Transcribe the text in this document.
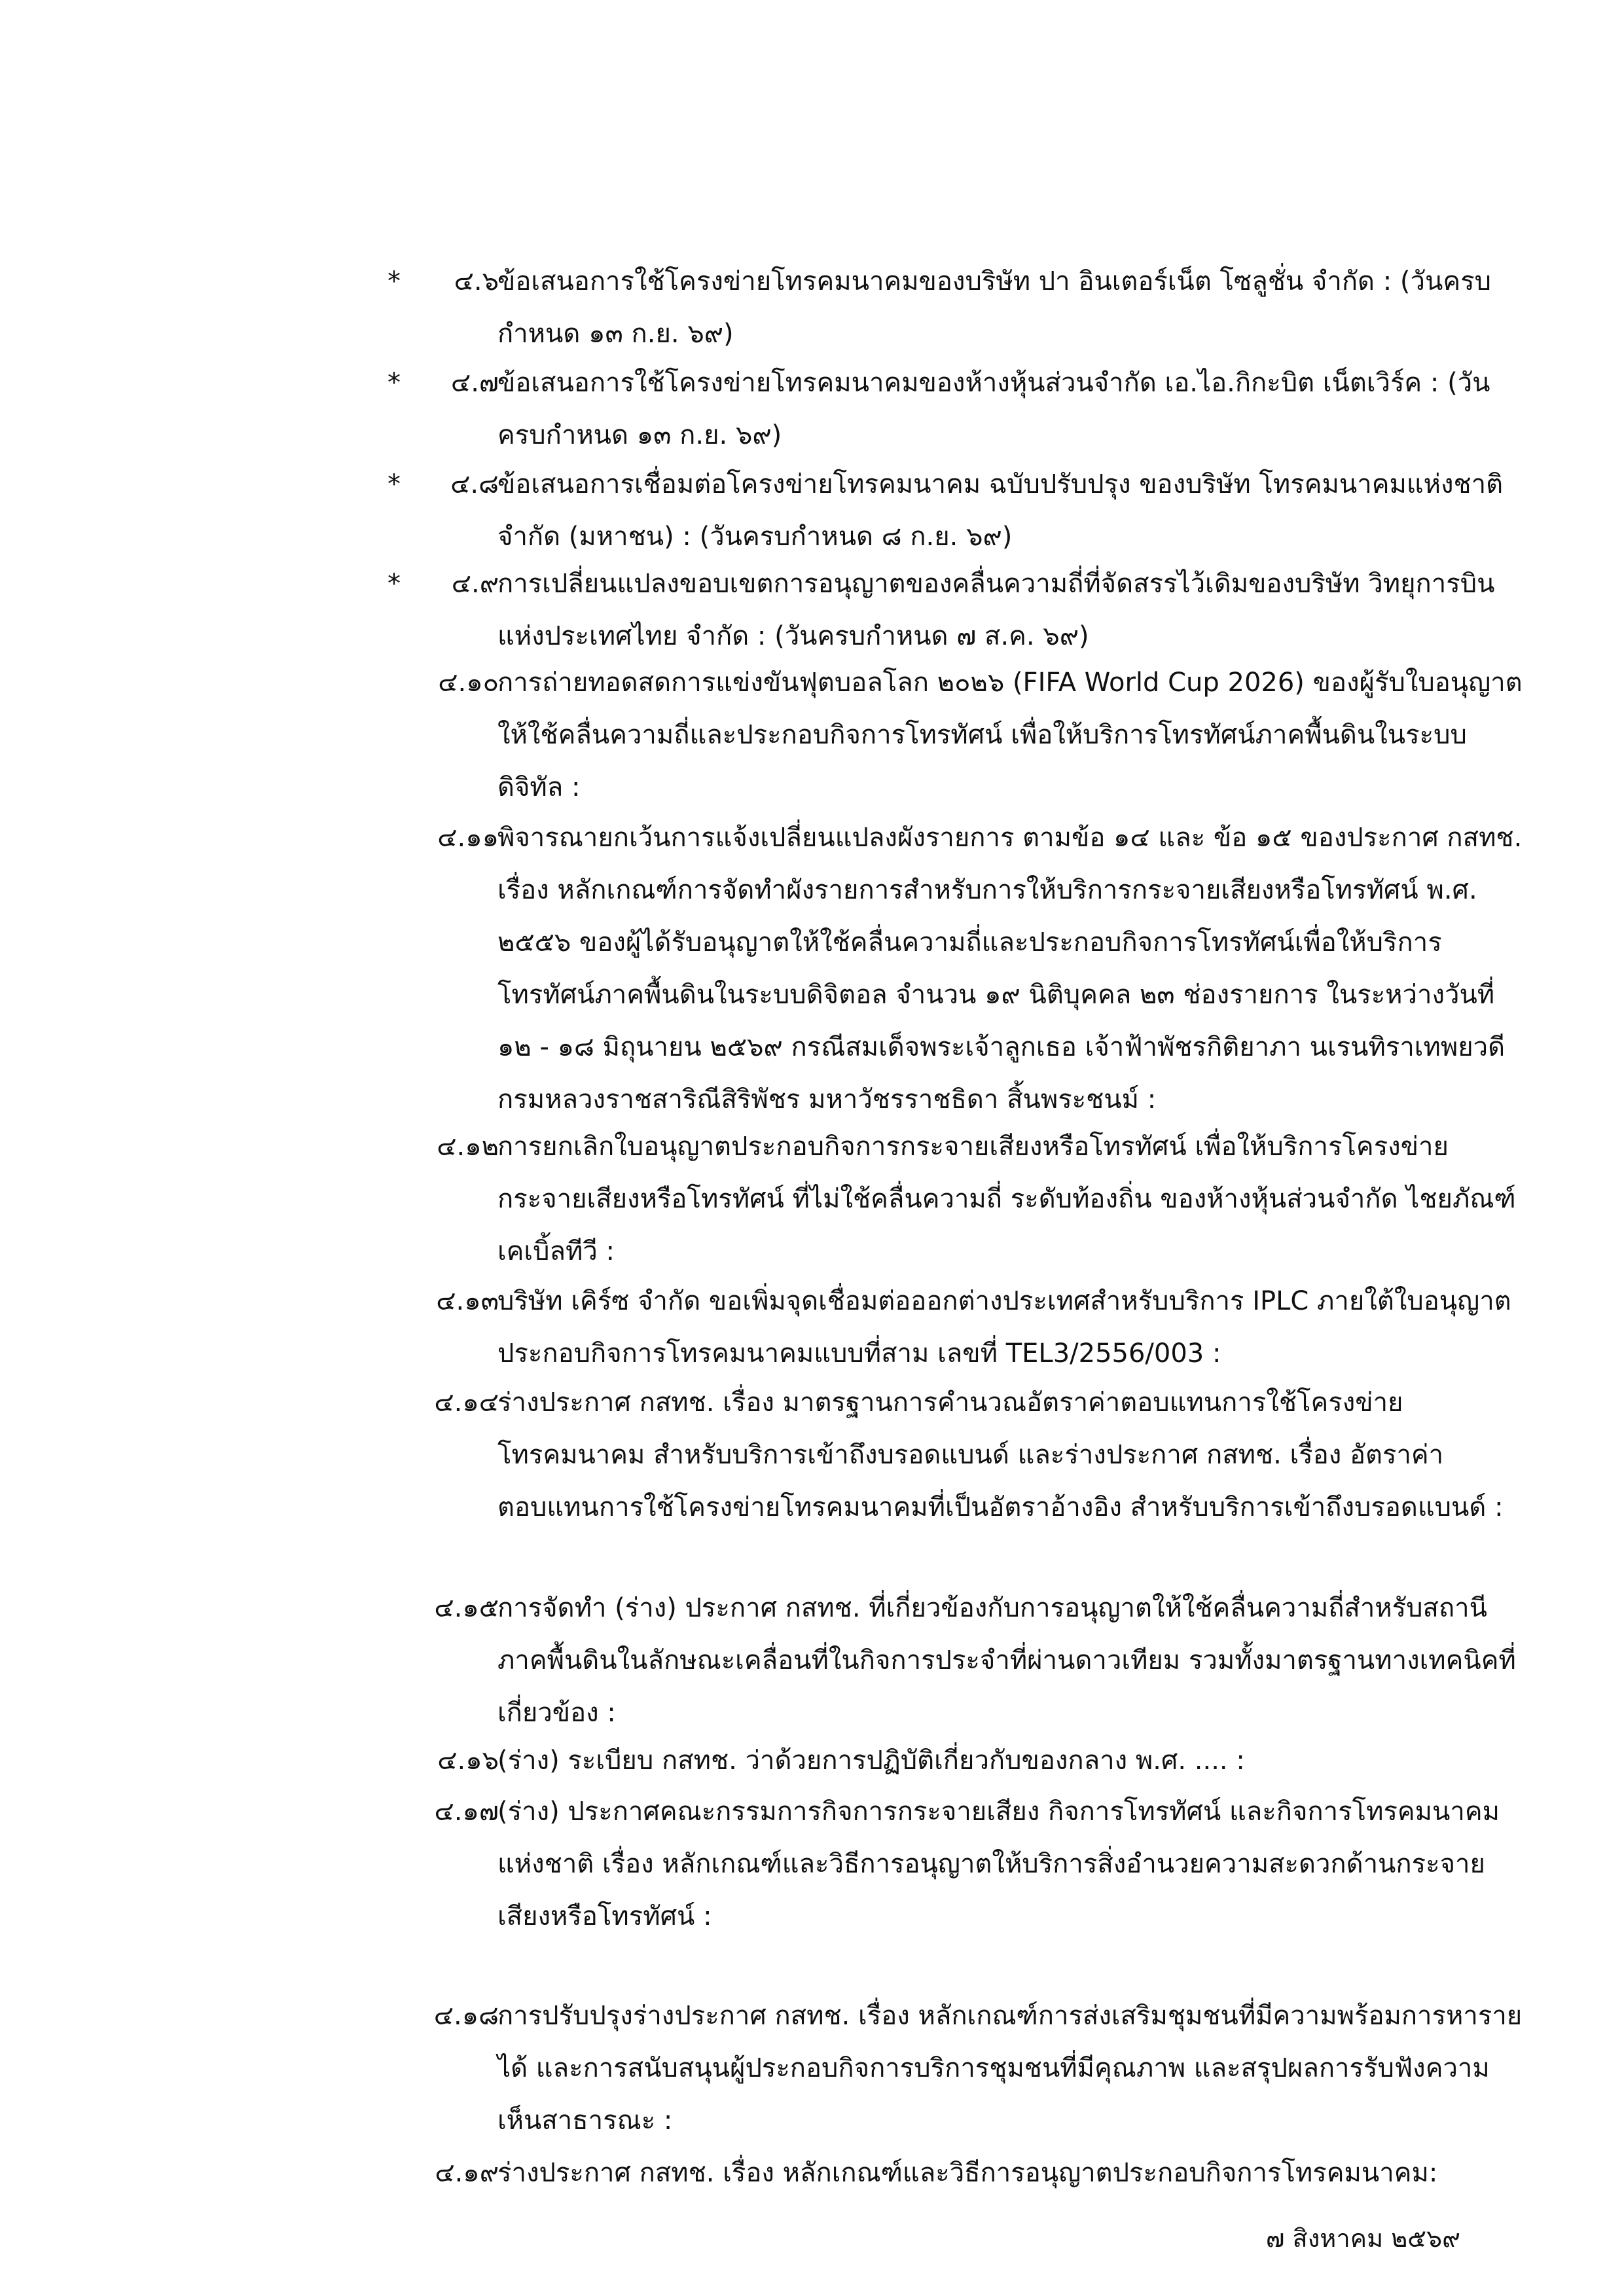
*	๔.๖
ข้อเสนอการใช้โครงข่ายโทรคมนาคมของบริษัท ปา อินเตอร์เน็ต โซลูชั่น จำกัด : (วันครบกำหนด ๑๓ ก.ย. ๖๙)
*	๔.๗
ข้อเสนอการใช้โครงข่ายโทรคมนาคมของห้างหุ้นส่วนจำกัด เอ.ไอ.กิกะบิต เน็ตเวิร์ค : (วันครบกำหนด ๑๓ ก.ย. ๖๙)
*	๔.๘
ข้อเสนอการเชื่อมต่อโครงข่ายโทรคมนาคม ฉบับปรับปรุง ของบริษัท โทรคมนาคมแห่งชาติ จำกัด (มหาชน) : (วันครบกำหนด ๘ ก.ย. ๖๙)
*	๔.๙
การเปลี่ยนแปลงขอบเขตการอนุญาตของคลื่นความถี่ที่จัดสรรไว้เดิมของบริษัท วิทยุการบินแห่งประเทศไทย จำกัด : (วันครบกำหนด ๗ ส.ค. ๖๙)
๔.๑๐
การถ่ายทอดสดการแข่งขันฟุตบอลโลก ๒๐๒๖ (FIFA World Cup 2026) ของผู้รับใบอนุญาตให้ใช้คลื่นความถี่และประกอบกิจการโทรทัศน์ เพื่อให้บริการโทรทัศน์ภาคพื้นดินในระบบดิจิทัล :
๔.๑๑
พิจารณายกเว้นการแจ้งเปลี่ยนแปลงผังรายการ ตามข้อ ๑๔ และ ข้อ ๑๕ ของประกาศ กสทช. เรื่อง หลักเกณฑ์การจัดทำผังรายการสำหรับการให้บริการกระจายเสียงหรือโทรทัศน์ พ.ศ. ๒๕๕๖ ของผู้ได้รับอนุญาตให้ใช้คลื่นความถี่และประกอบกิจการโทรทัศน์เพื่อให้บริการโทรทัศน์ภาคพื้นดินในระบบดิจิตอล จำนวน ๑๙ นิติบุคคล ๒๓ ช่องรายการ ในระหว่างวันที่ ๑๒ - ๑๘ มิถุนายน ๒๕๖๙ กรณีสมเด็จพระเจ้าลูกเธอ เจ้าฟ้าพัชรกิติยาภา นเรนทิราเทพยวดี กรมหลวงราชสาริณีสิริพัชร มหาวัชรราชธิดา สิ้นพระชนม์ :
๔.๑๒
การยกเลิกใบอนุญาตประกอบกิจการกระจายเสียงหรือโทรทัศน์ เพื่อให้บริการโครงข่ายกระจายเสียงหรือโทรทัศน์ ที่ไม่ใช้คลื่นความถี่ ระดับท้องถิ่น ของห้างหุ้นส่วนจำกัด ไชยภัณฑ์ เคเบิ้ลทีวี :
๔.๑๓
บริษัท เคิร์ซ จำกัด ขอเพิ่มจุดเชื่อมต่อออกต่างประเทศสำหรับบริการ IPLC ภายใต้ใบอนุญาตประกอบกิจการโทรคมนาคมแบบที่สาม เลขที่ TEL3/2556/003 :
๔.๑๔
ร่างประกาศ กสทช. เรื่อง มาตรฐานการคำนวณอัตราค่าตอบแทนการใช้โครงข่ายโทรคมนาคม สำหรับบริการเข้าถึงบรอดแบนด์ และร่างประกาศ กสทช. เรื่อง อัตราค่าตอบแทนการใช้โครงข่ายโทรคมนาคมที่เป็นอัตราอ้างอิง สำหรับบริการเข้าถึงบรอดแบนด์ :
๔.๑๕
การจัดทำ (ร่าง) ประกาศ กสทช. ที่เกี่ยวข้องกับการอนุญาตให้ใช้คลื่นความถี่สำหรับสถานีภาคพื้นดินในลักษณะเคลื่อนที่ในกิจการประจำที่ผ่านดาวเทียม รวมทั้งมาตรฐานทางเทคนิคที่เกี่ยวข้อง :
๔.๑๖
(ร่าง) ระเบียบ กสทช. ว่าด้วยการปฏิบัติเกี่ยวกับของกลาง พ.ศ. .... :
๔.๑๗
(ร่าง) ประกาศคณะกรรมการกิจการกระจายเสียง กิจการโทรทัศน์ และกิจการโทรคมนาคมแห่งชาติ เรื่อง หลักเกณฑ์และวิธีการอนุญาตให้บริการสิ่งอำนวยความสะดวกด้านกระจายเสียงหรือโทรทัศน์ :
๔.๑๘
การปรับปรุงร่างประกาศ กสทช. เรื่อง หลักเกณฑ์การส่งเสริมชุมชนที่มีความพร้อมการหารายได้ และการสนับสนุนผู้ประกอบกิจการบริการชุมชนที่มีคุณภาพ และสรุปผลการรับฟังความเห็นสาธารณะ :
๔.๑๙
ร่างประกาศ กสทช. เรื่อง หลักเกณฑ์และวิธีการอนุญาตประกอบกิจการโทรคมนาคม:
๗ สิงหาคม ๒๕๖๙
